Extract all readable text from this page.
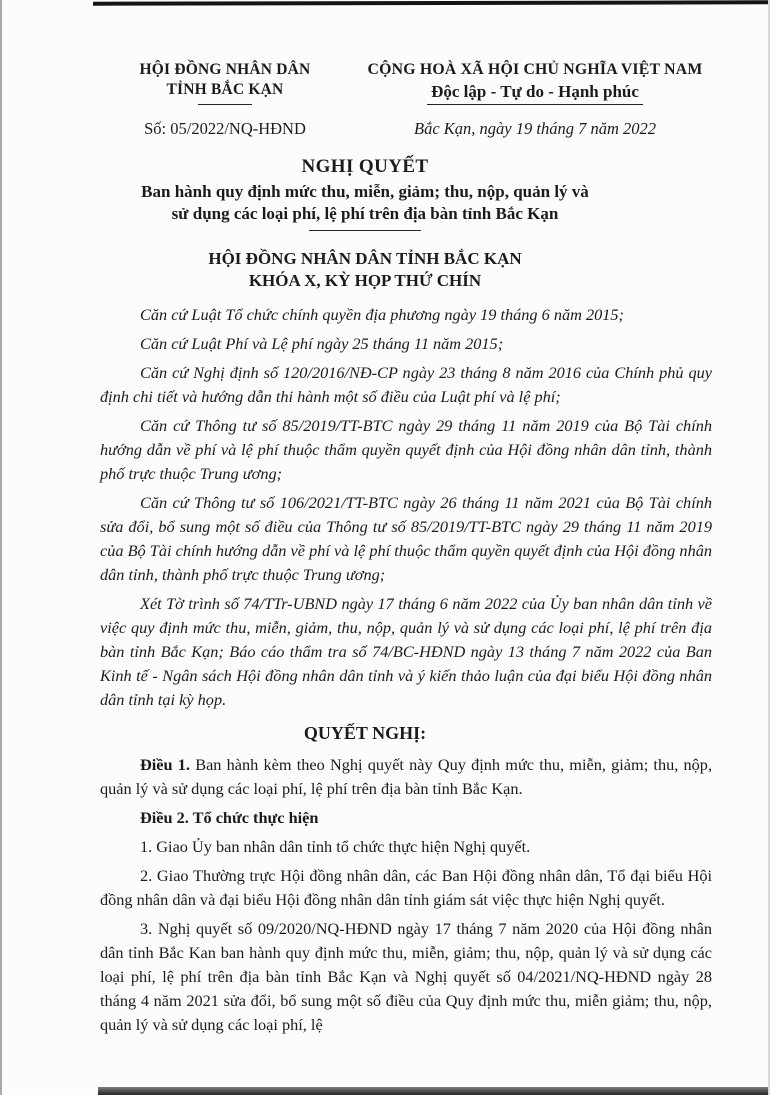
HỘI ĐỒNG NHÂN DÂN
TỈNH BẮC KẠN
Số: 05/2022/NQ-HĐND
CỘNG HOÀ XÃ HỘI CHỦ NGHĨA VIỆT NAM
Độc lập - Tự do - Hạnh phúc
Bắc Kạn, ngày 19 tháng 7 năm 2022
NGHỊ QUYẾT
Ban hành quy định mức thu, miễn, giảm; thu, nộp, quản lý và
sử dụng các loại phí, lệ phí trên địa bàn tỉnh Bắc Kạn
HỘI ĐỒNG NHÂN DÂN TỈNH BẮC KẠN
KHÓA X, KỲ HỌP THỨ CHÍN

Căn cứ Luật Tổ chức chính quyền địa phương ngày 19 tháng 6 năm 2015;

Căn cứ Luật Phí và Lệ phí ngày 25 tháng 11 năm 2015;

Căn cứ Nghị định số 120/2016/NĐ-CP ngày 23 tháng 8 năm 2016 của Chính phủ quy định chi tiết và hướng dẫn thi hành một số điều của Luật phí và lệ phí;

Căn cứ Thông tư số 85/2019/TT-BTC ngày 29 tháng 11 năm 2019 của Bộ Tài chính hướng dẫn về phí và lệ phí thuộc thẩm quyền quyết định của Hội đồng nhân dân tỉnh, thành phố trực thuộc Trung ương;

Căn cứ Thông tư số 106/2021/TT-BTC ngày 26 tháng 11 năm 2021 của Bộ Tài chính sửa đổi, bổ sung một số điều của Thông tư số 85/2019/TT-BTC ngày 29 tháng 11 năm 2019 của Bộ Tài chính hướng dẫn về phí và lệ phí thuộc thẩm quyền quyết định của Hội đồng nhân dân tỉnh, thành phố trực thuộc Trung ương;

Xét Tờ trình số 74/TTr-UBND ngày 17 tháng 6 năm 2022 của Ủy ban nhân dân tỉnh về việc quy định mức thu, miễn, giảm, thu, nộp, quản lý và sử dụng các loại phí, lệ phí trên địa bàn tỉnh Bắc Kạn; Báo cáo thẩm tra số 74/BC-HĐND ngày 13 tháng 7 năm 2022 của Ban Kinh tế - Ngân sách Hội đồng nhân dân tỉnh và ý kiến thảo luận của đại biểu Hội đồng nhân dân tỉnh tại kỳ họp.

QUYẾT NGHỊ:

Điều 1. Ban hành kèm theo Nghị quyết này Quy định mức thu, miễn, giảm; thu, nộp, quản lý và sử dụng các loại phí, lệ phí trên địa bàn tỉnh Bắc Kạn.

Điều 2. Tổ chức thực hiện

1. Giao Ủy ban nhân dân tỉnh tổ chức thực hiện Nghị quyết.

2. Giao Thường trực Hội đồng nhân dân, các Ban Hội đồng nhân dân, Tổ đại biểu Hội đồng nhân dân và đại biểu Hội đồng nhân dân tỉnh giám sát việc thực hiện Nghị quyết.

3. Nghị quyết số 09/2020/NQ-HĐND ngày 17 tháng 7 năm 2020 của Hội đồng nhân dân tỉnh Bắc Kan ban hành quy định mức thu, miễn, giảm; thu, nộp, quản lý và sử dụng các loại phí, lệ phí trên địa bàn tỉnh Bắc Kạn và Nghị quyết số 04/2021/NQ-HĐND ngày 28 tháng 4 năm 2021 sửa đổi, bổ sung một số điều của Quy định mức thu, miễn giảm; thu, nộp, quản lý và sử dụng các loại phí, lệ
